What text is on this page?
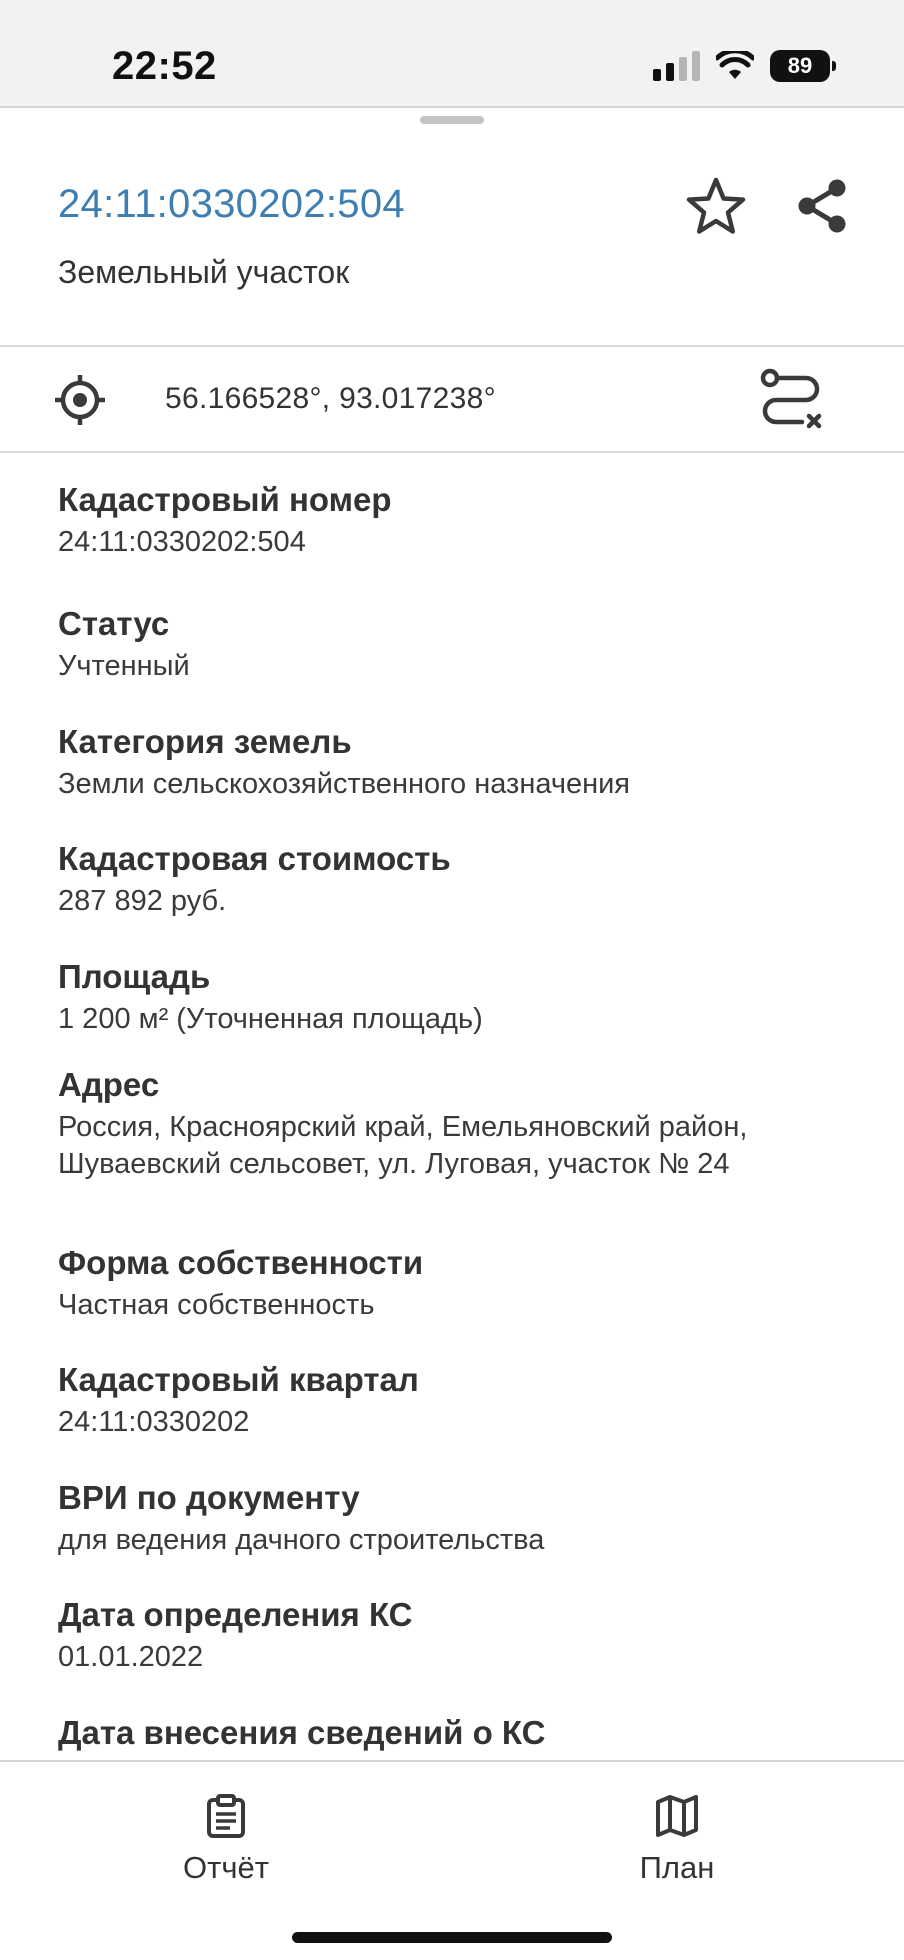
22:52	89
24:11:0330202:504
Земельный участок
56.166528°, 93.017238°
Кадастровый номер
24:11:0330202:504
Статус
Учтенный
Категория земель
Земли сельскохозяйственного назначения
Кадастровая стоимость
287 892 руб.
Площадь
1 200 м² (Уточненная площадь)
Адрес
Россия, Красноярский край, Емельяновский район, Шуваевский сельсовет, ул. Луговая, участок № 24
Форма собственности
Частная собственность
Кадастровый квартал
24:11:0330202
ВРИ по документу
для ведения дачного строительства
Дата определения КС
01.01.2022
Дата внесения сведений о КС
Отчёт	План
